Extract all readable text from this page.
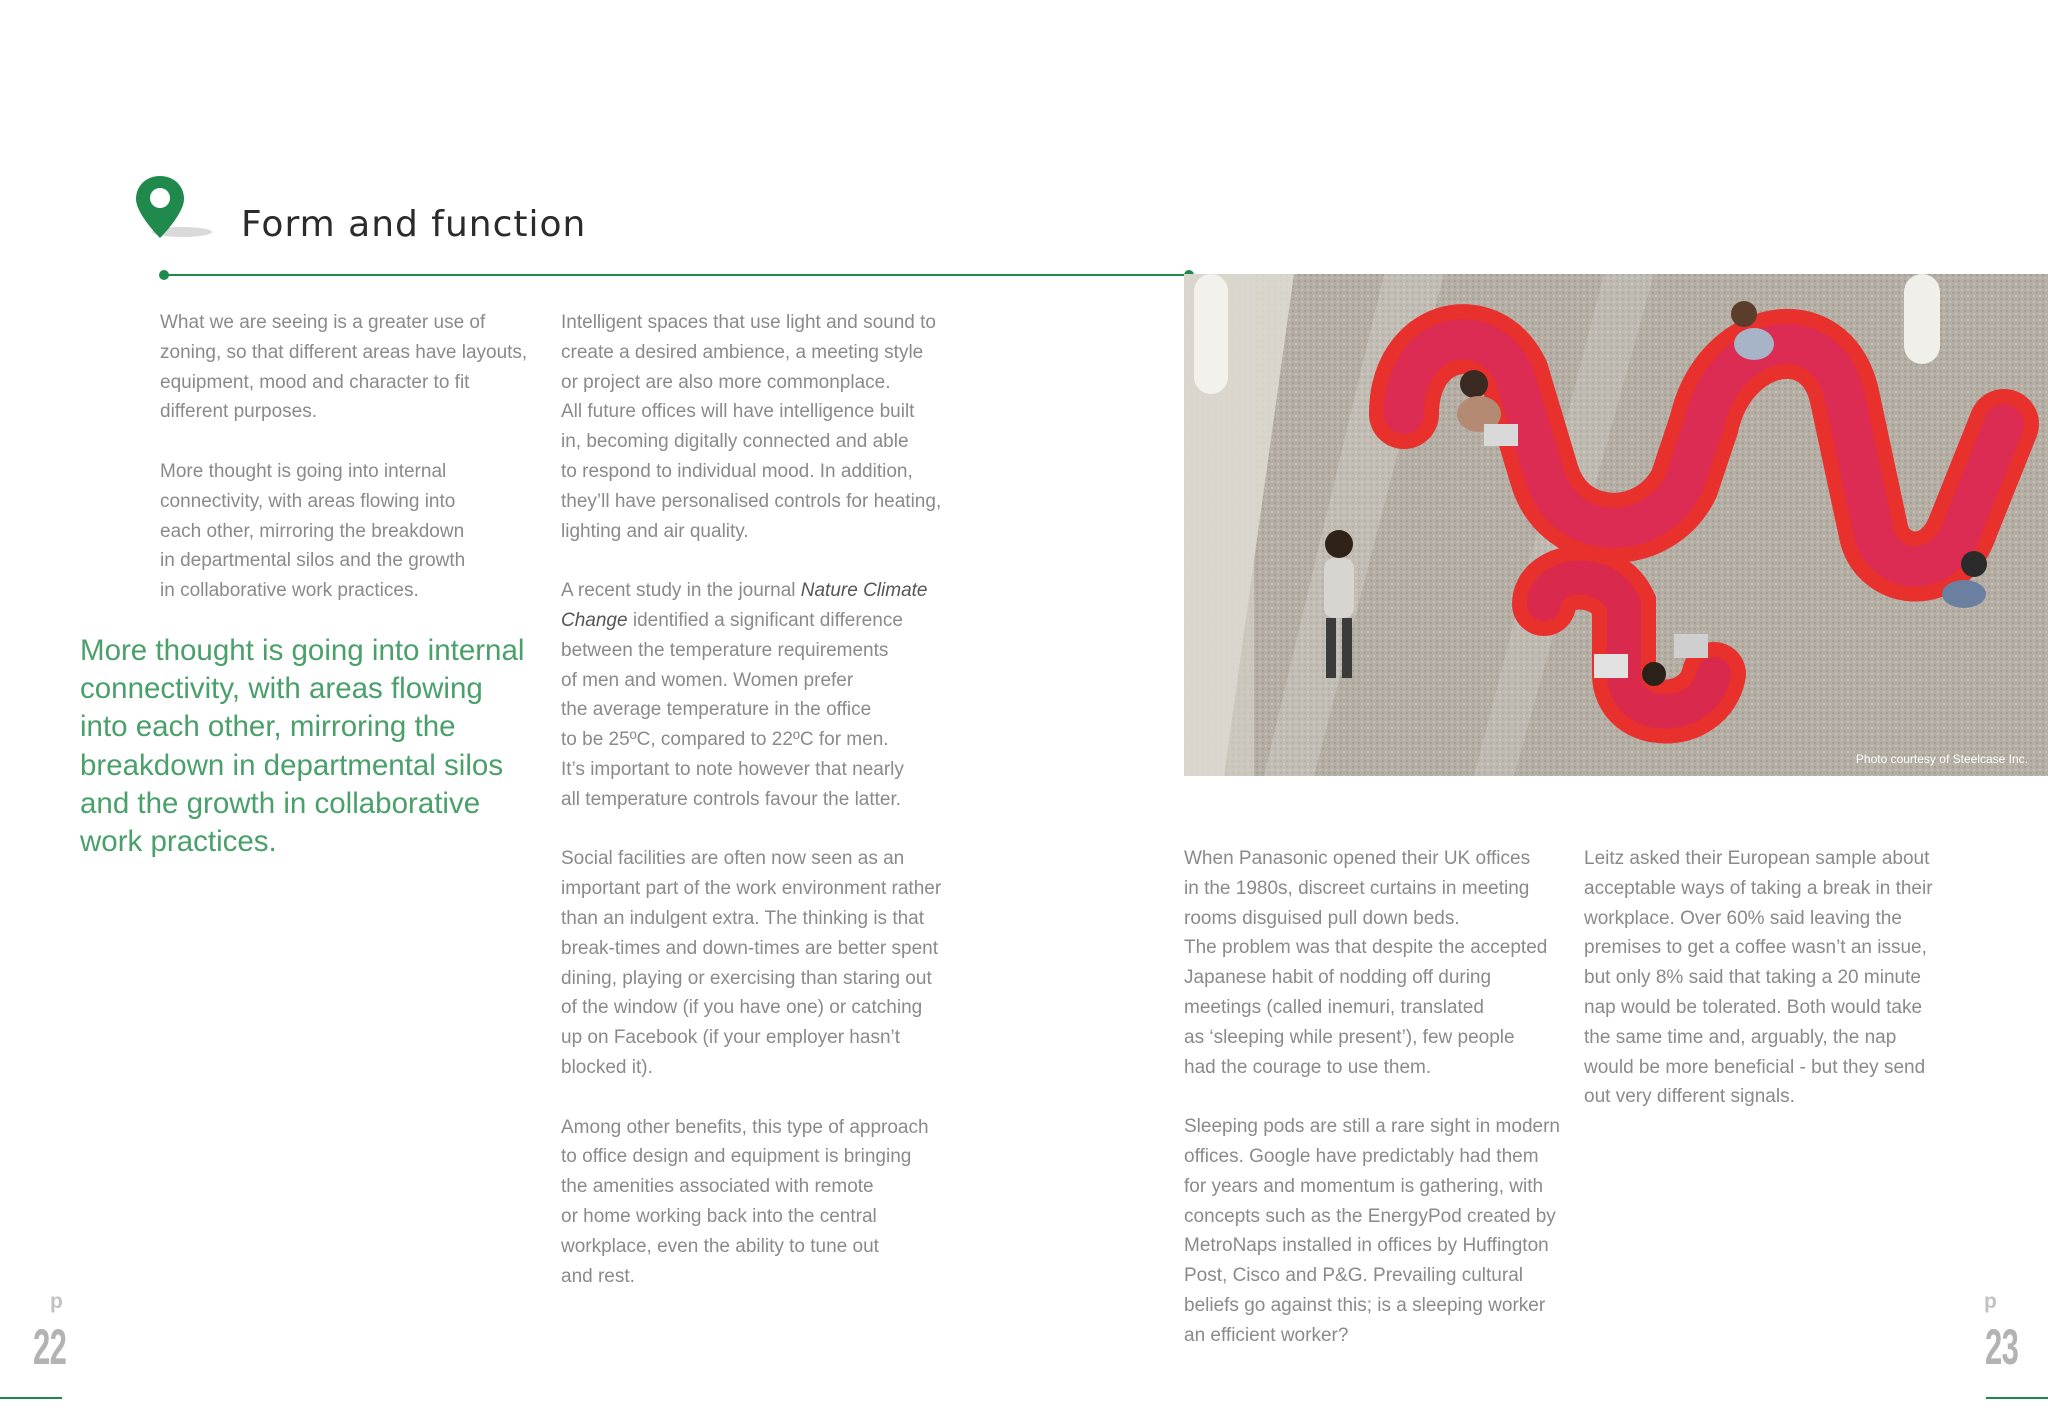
Form and function

What we are seeing is a greater use of
zoning, so that different areas have layouts,
equipment, mood and character to fit
different purposes.

More thought is going into internal
connectivity, with areas flowing into
each other, mirroring the breakdown
in departmental silos and the growth
in collaborative work practices.

More thought is going into internal
connectivity, with areas flowing
into each other, mirroring the
breakdown in departmental silos
and the growth in collaborative
work practices.

Intelligent spaces that use light and sound to
create a desired ambience, a meeting style
or project are also more commonplace.
All future offices will have intelligence built
in, becoming digitally connected and able
to respond to individual mood. In addition,
they’ll have personalised controls for heating,
lighting and air quality.

A recent study in the journal Nature Climate
Change identified a significant difference
between the temperature requirements
of men and women. Women prefer
the average temperature in the office
to be 25ºC, compared to 22ºC for men.
It’s important to note however that nearly
all temperature controls favour the latter.

Social facilities are often now seen as an
important part of the work environment rather
than an indulgent extra. The thinking is that
break-times and down-times are better spent
dining, playing or exercising than staring out
of the window (if you have one) or catching
up on Facebook (if your employer hasn’t
blocked it).

Among other benefits, this type of approach
to office design and equipment is bringing
the amenities associated with remote
or home working back into the central
workplace, even the ability to tune out
and rest.

Photo courtesy of Steelcase Inc.

When Panasonic opened their UK offices
in the 1980s, discreet curtains in meeting
rooms disguised pull down beds.
The problem was that despite the accepted
Japanese habit of nodding off during
meetings (called inemuri, translated
as ‘sleeping while present’), few people
had the courage to use them.

Sleeping pods are still a rare sight in modern
offices. Google have predictably had them
for years and momentum is gathering, with
concepts such as the EnergyPod created by
MetroNaps installed in offices by Huffington
Post, Cisco and P&G. Prevailing cultural
beliefs go against this; is a sleeping worker
an efficient worker?

Leitz asked their European sample about
acceptable ways of taking a break in their
workplace. Over 60% said leaving the
premises to get a coffee wasn’t an issue,
but only 8% said that taking a 20 minute
nap would be tolerated. Both would take
the same time and, arguably, the nap
would be more beneficial - but they send
out very different signals.

p
22
p
23
